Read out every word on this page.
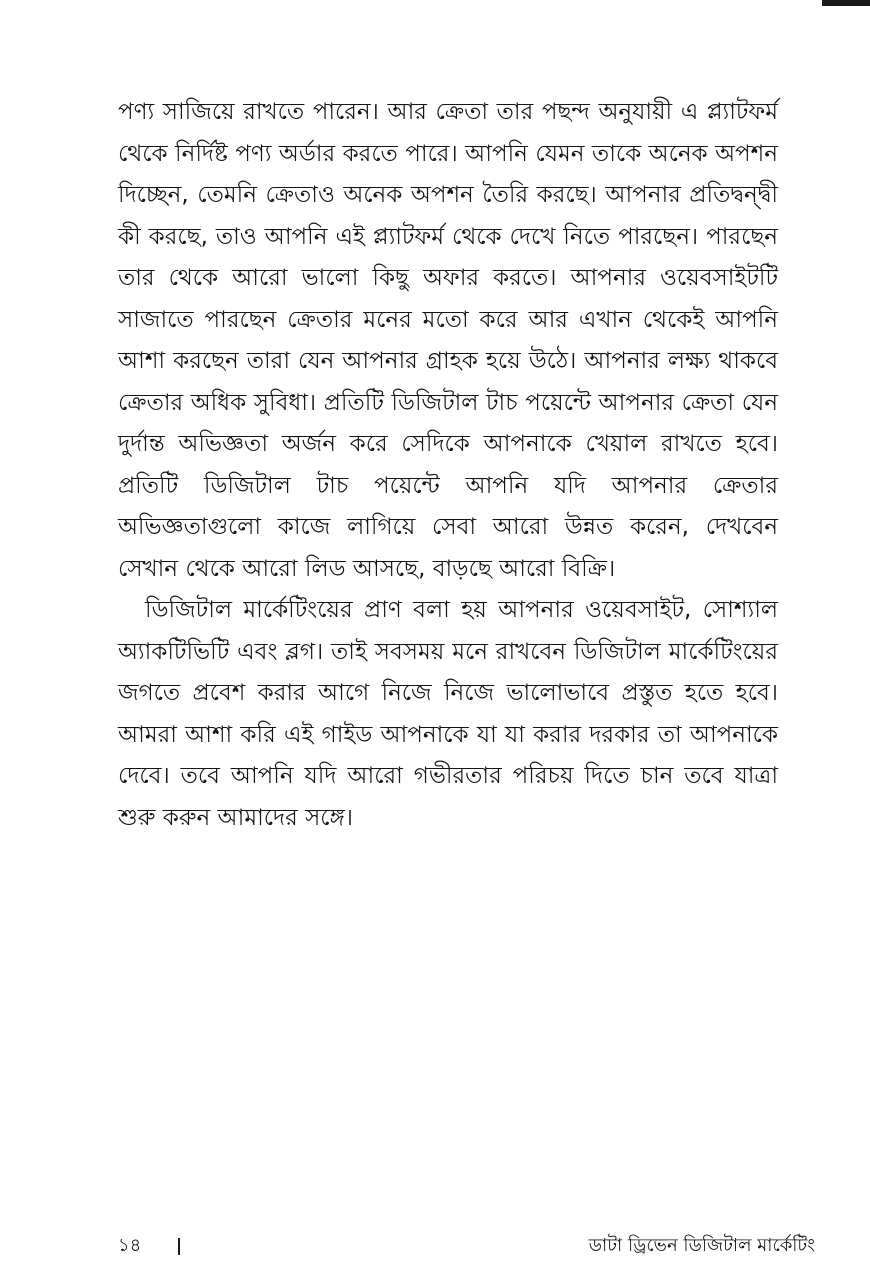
পণ্য সাজিয়ে রাখতে পারেন। আর ক্রেতা তার পছন্দ অনুযায়ী এ প্ল্যাটফর্ম থেকে নির্দিষ্ট পণ্য অর্ডার করতে পারে। আপনি যেমন তাকে অনেক অপশন দিচ্ছেন, তেমনি ক্রেতাও অনেক অপশন তৈরি করছে। আপনার প্রতিদ্বন্দ্বী কী করছে, তাও আপনি এই প্ল্যাটফর্ম থেকে দেখে নিতে পারছেন। পারছেন তার থেকে আরো ভালো কিছু অফার করতে। আপনার ওয়েবসাইটটি সাজাতে পারছেন ক্রেতার মনের মতো করে আর এখান থেকেই আপনি আশা করছেন তারা যেন আপনার গ্রাহক হয়ে উঠে। আপনার লক্ষ্য থাকবে ক্রেতার অধিক সুবিধা। প্রতিটি ডিজিটাল টাচ পয়েন্টে আপনার ক্রেতা যেন দুর্দান্ত অভিজ্ঞতা অর্জন করে সেদিকে আপনাকে খেয়াল রাখতে হবে। প্রতিটি ডিজিটাল টাচ পয়েন্টে আপনি যদি আপনার ক্রেতার অভিজ্ঞতাগুলো কাজে লাগিয়ে সেবা আরো উন্নত করেন, দেখবেন সেখান থেকে আরো লিড আসছে, বাড়ছে আরো বিক্রি।

ডিজিটাল মার্কেটিংয়ের প্রাণ বলা হয় আপনার ওয়েবসাইট, সোশ্যাল অ্যাকটিভিটি এবং ব্লগ। তাই সবসময় মনে রাখবেন ডিজিটাল মার্কেটিংয়ের জগতে প্রবেশ করার আগে নিজে নিজে ভালোভাবে প্রস্তুত হতে হবে। আমরা আশা করি এই গাইড আপনাকে যা যা করার দরকার তা আপনাকে দেবে। তবে আপনি যদি আরো গভীরতার পরিচয় দিতে চান তবে যাত্রা শুরু করুন আমাদের সঙ্গে।

১৪	ডাটা ড্রিভেন ডিজিটাল মার্কেটিং
